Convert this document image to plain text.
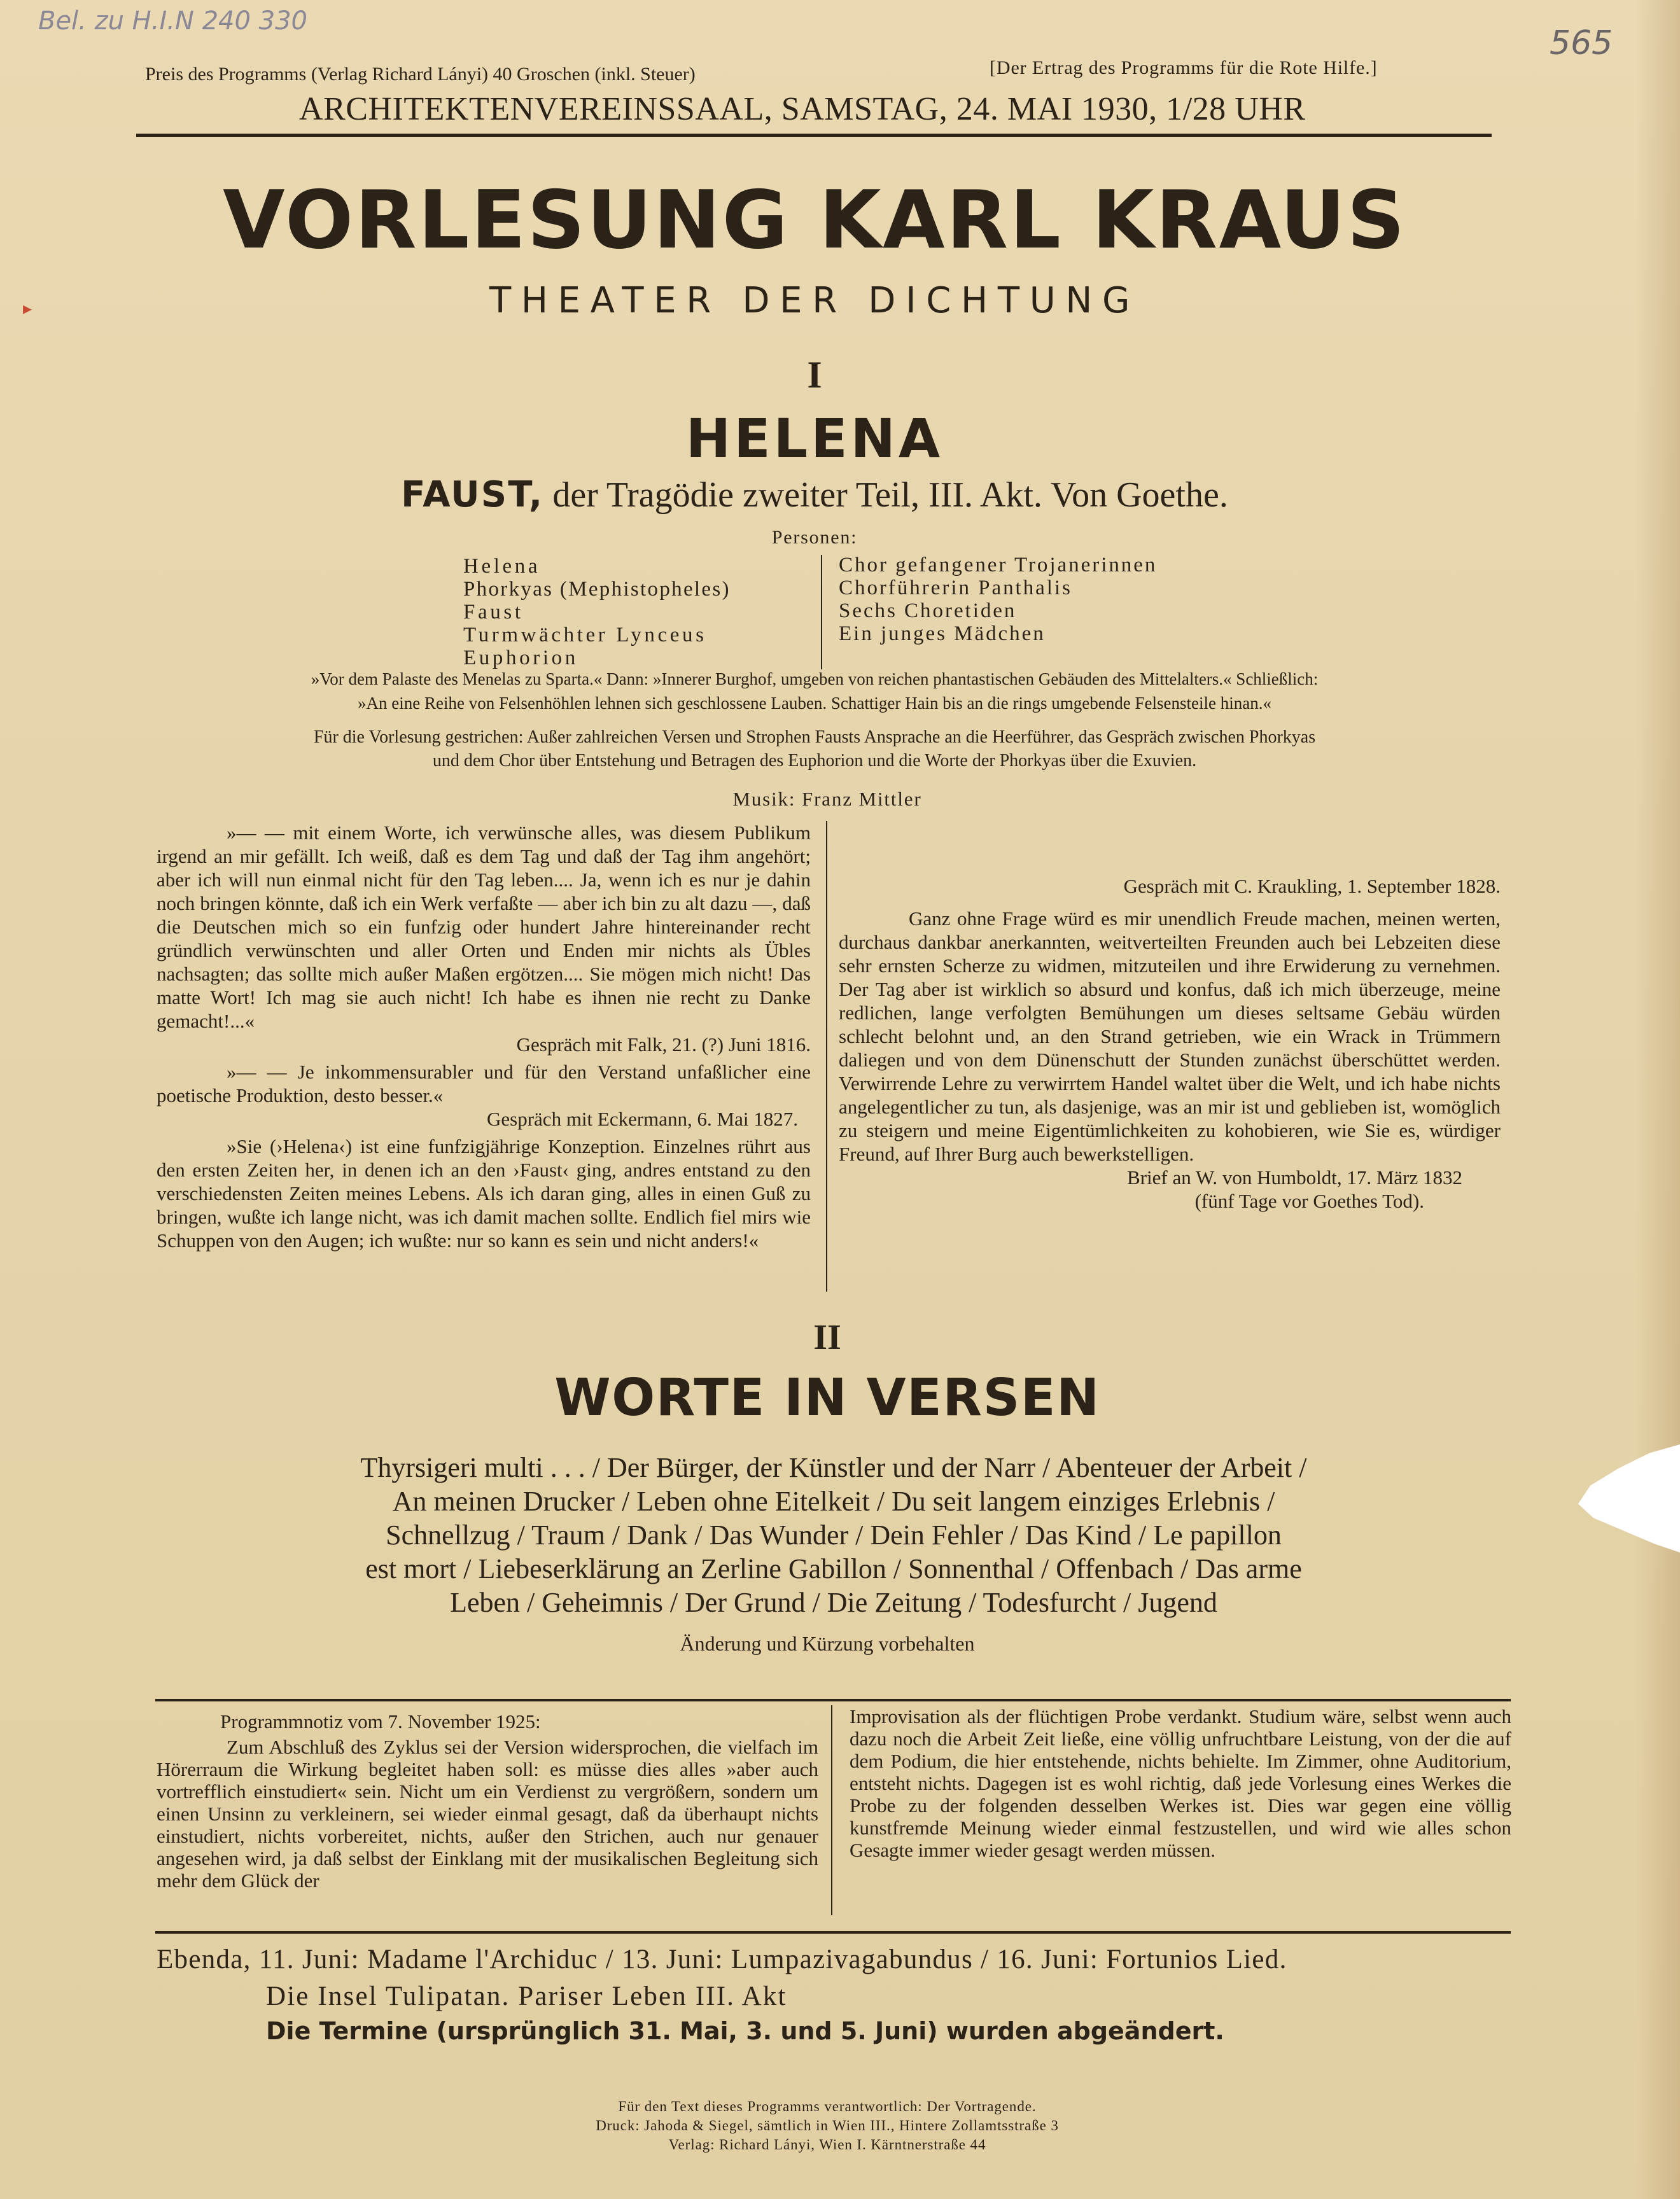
Bel. zu H.I.N 240 330
565
Preis des Programms (Verlag Richard Lányi) 40 Groschen (inkl. Steuer)	[Der Ertrag des Programms für die Rote Hilfe.]
ARCHITEKTENVEREINSSAAL, SAMSTAG, 24. MAI 1930, 1/28 UHR
VORLESUNG KARL KRAUS
THEATER DER DICHTUNG
I
HELENA
FAUST, der Tragödie zweiter Teil, III. Akt. Von Goethe.
Personen:
Helena
Phorkyas (Mephistopheles)
Faust
Turmwächter Lynceus
Euphorion
Chor gefangener Trojanerinnen
Chorführerin Panthalis
Sechs Choretiden
Ein junges Mädchen
»Vor dem Palaste des Menelas zu Sparta.« Dann: »Innerer Burghof, umgeben von reichen phantastischen Gebäuden des Mittelalters.« Schließlich:
»An eine Reihe von Felsenhöhlen lehnen sich geschlossene Lauben. Schattiger Hain bis an die rings umgebende Felsensteile hinan.«
Für die Vorlesung gestrichen: Außer zahlreichen Versen und Strophen Fausts Ansprache an die Heerführer, das Gespräch zwischen Phorkyas
und dem Chor über Entstehung und Betragen des Euphorion und die Worte der Phorkyas über die Exuvien.
Musik: Franz Mittler

»— — mit einem Worte, ich verwünsche alles, was diesem Publikum irgend an mir gefällt. Ich weiß, daß es dem Tag und daß der Tag ihm angehört; aber ich will nun einmal nicht für den Tag leben.... Ja, wenn ich es nur je dahin noch bringen könnte, daß ich ein Werk verfaßte — aber ich bin zu alt dazu —, daß die Deutschen mich so ein funfzig oder hundert Jahre hintereinander recht gründlich verwünschten und aller Orten und Enden mir nichts als Übles nachsagten; das sollte mich außer Maßen ergötzen.... Sie mögen mich nicht! Das matte Wort! Ich mag sie auch nicht! Ich habe es ihnen nie recht zu Danke gemacht!...«

Gespräch mit Falk, 21. (?) Juni 1816.

»— — Je inkommensurabler und für den Verstand unfaßlicher eine poetische Produktion, desto besser.«

Gespräch mit Eckermann, 6. Mai 1827.

»Sie (›Helena‹) ist eine funfzigjährige Konzeption. Einzelnes rührt aus den ersten Zeiten her, in denen ich an den ›Faust‹ ging, andres entstand zu den verschiedensten Zeiten meines Lebens. Als ich daran ging, alles in einen Guß zu bringen, wußte ich lange nicht, was ich damit machen sollte. Endlich fiel mirs wie Schuppen von den Augen; ich wußte: nur so kann es sein und nicht anders!«

Gespräch mit C. Kraukling, 1. September 1828.

Ganz ohne Frage würd es mir unendlich Freude machen, meinen werten, durchaus dankbar anerkannten, weitverteilten Freunden auch bei Lebzeiten diese sehr ernsten Scherze zu widmen, mitzuteilen und ihre Erwiderung zu vernehmen. Der Tag aber ist wirklich so absurd und konfus, daß ich mich überzeuge, meine redlichen, lange verfolgten Bemühungen um dieses seltsame Gebäu würden schlecht belohnt und, an den Strand getrieben, wie ein Wrack in Trümmern daliegen und von dem Dünenschutt der Stunden zunächst überschüttet werden. Verwirrende Lehre zu verwirrtem Handel waltet über die Welt, und ich habe nichts angelegentlicher zu tun, als dasjenige, was an mir ist und geblieben ist, womöglich zu steigern und meine Eigentümlichkeiten zu kohobieren, wie Sie es, würdiger Freund, auf Ihrer Burg auch bewerkstelligen.

Brief an W. von Humboldt, 17. März 1832

(fünf Tage vor Goethes Tod).

II
WORTE IN VERSEN
Thyrsigeri multi . . . / Der Bürger, der Künstler und der Narr / Abenteuer der Arbeit /
An meinen Drucker / Leben ohne Eitelkeit / Du seit langem einziges Erlebnis /
Schnellzug / Traum / Dank / Das Wunder / Dein Fehler / Das Kind / Le papillon
est mort / Liebeserklärung an Zerline Gabillon / Sonnenthal / Offenbach / Das arme
Leben / Geheimnis / Der Grund / Die Zeitung / Todesfurcht / Jugend
Änderung und Kürzung vorbehalten
Programmnotiz vom 7. November 1925:

Zum Abschluß des Zyklus sei der Version widersprochen, die vielfach im Hörerraum die Wirkung begleitet haben soll: es müsse dies alles »aber auch vortrefflich einstudiert« sein. Nicht um ein Verdienst zu vergrößern, sondern um einen Unsinn zu verkleinern, sei wieder einmal gesagt, daß da überhaupt nichts einstudiert, nichts vorbereitet, nichts, außer den Strichen, auch nur genauer angesehen wird, ja daß selbst der Einklang mit der musikalischen Begleitung sich mehr dem Glück der

Improvisation als der flüchtigen Probe verdankt. Studium wäre, selbst wenn auch dazu noch die Arbeit Zeit ließe, eine völlig unfruchtbare Leistung, von der die auf dem Podium, die hier entstehende, nichts behielte. Im Zimmer, ohne Auditorium, entsteht nichts. Dagegen ist es wohl richtig, daß jede Vorlesung eines Werkes die Probe zu der folgenden desselben Werkes ist. Dies war gegen eine völlig kunstfremde Meinung wieder einmal festzustellen, und wird wie alles schon Gesagte immer wieder gesagt werden müssen.

Ebenda, 11. Juni: Madame l'Archiduc / 13. Juni: Lumpazivagabundus / 16. Juni: Fortunios Lied.
Die Insel Tulipatan. Pariser Leben III. Akt
Die Termine (ursprünglich 31. Mai, 3. und 5. Juni) wurden abgeändert.
Für den Text dieses Programms verantwortlich: Der Vortragende.
Druck: Jahoda & Siegel, sämtlich in Wien III., Hintere Zollamtsstraße 3
Verlag: Richard Lányi, Wien I. Kärntnerstraße 44
▸
